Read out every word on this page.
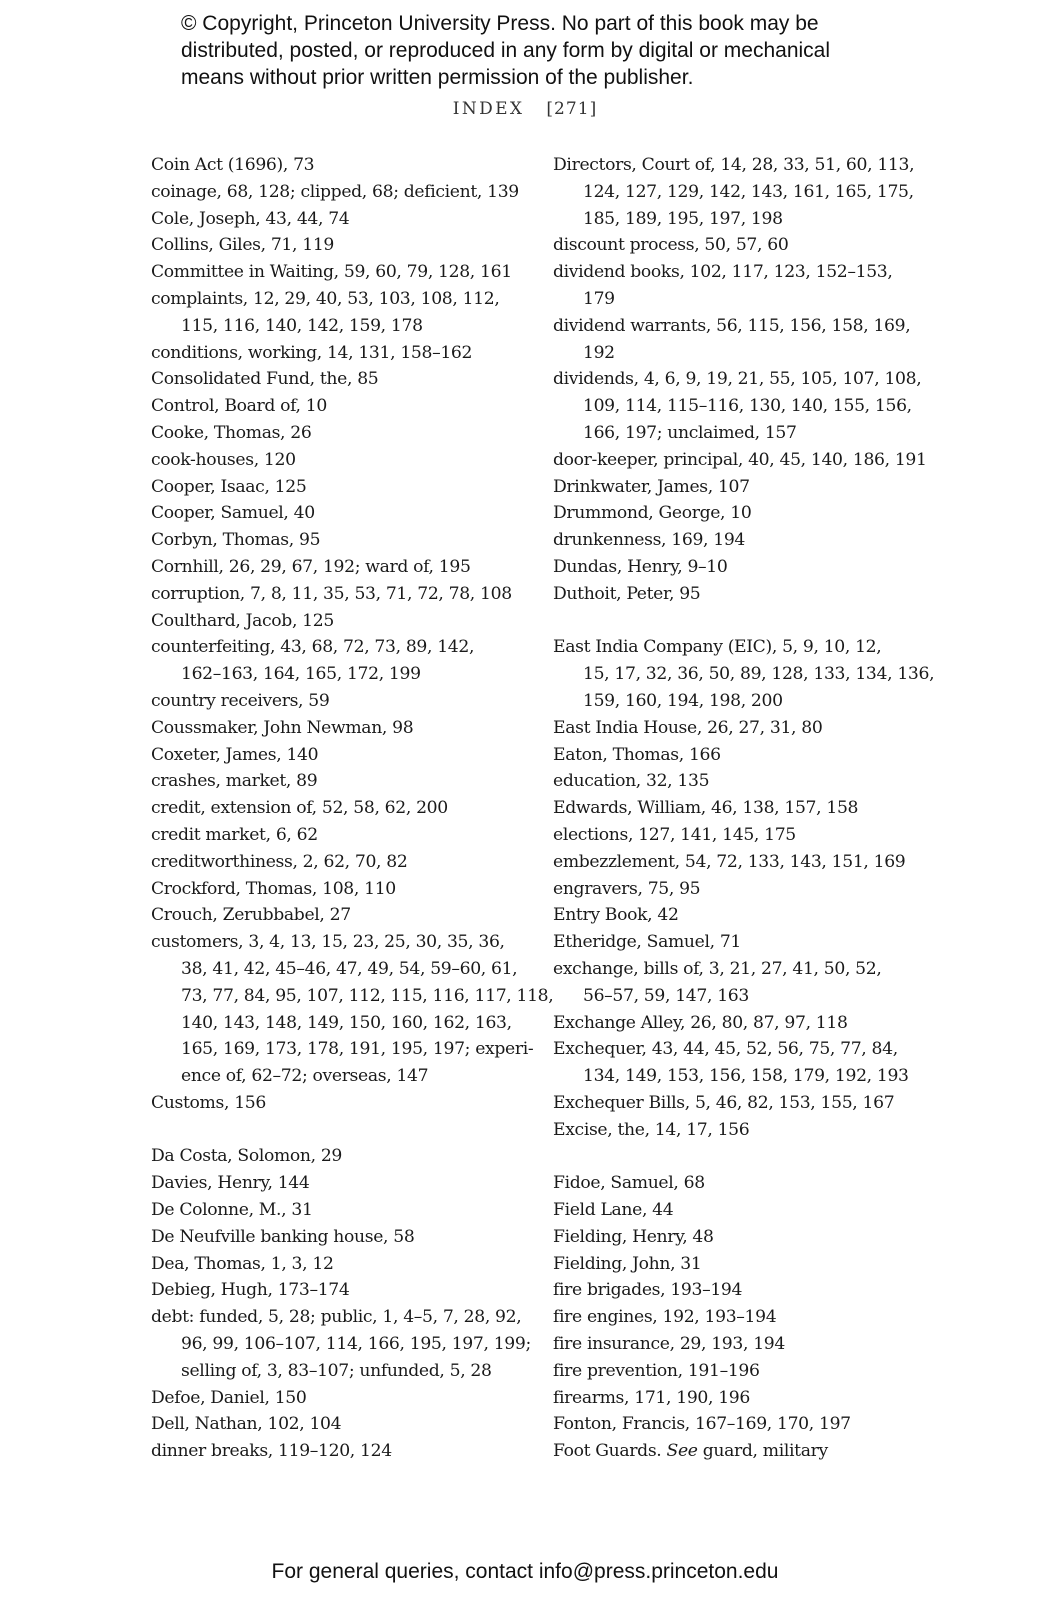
© Copyright, Princeton University Press. No part of this book may be
distributed, posted, or reproduced in any form by digital or mechanical
means without prior written permission of the publisher.
INDEX [271]
Coin Act (1696), 73
coinage, 68, 128; clipped, 68; deficient, 139
Cole, Joseph, 43, 44, 74
Collins, Giles, 71, 119
Committee in Waiting, 59, 60, 79, 128, 161
complaints, 12, 29, 40, 53, 103, 108, 112,
115, 116, 140, 142, 159, 178
conditions, working, 14, 131, 158–162
Consolidated Fund, the, 85
Control, Board of, 10
Cooke, Thomas, 26
cook-houses, 120
Cooper, Isaac, 125
Cooper, Samuel, 40
Corbyn, Thomas, 95
Cornhill, 26, 29, 67, 192; ward of, 195
corruption, 7, 8, 11, 35, 53, 71, 72, 78, 108
Coulthard, Jacob, 125
counterfeiting, 43, 68, 72, 73, 89, 142,
162–163, 164, 165, 172, 199
country receivers, 59
Coussmaker, John Newman, 98
Coxeter, James, 140
crashes, market, 89
credit, extension of, 52, 58, 62, 200
credit market, 6, 62
creditworthiness, 2, 62, 70, 82
Crockford, Thomas, 108, 110
Crouch, Zerubbabel, 27
customers, 3, 4, 13, 15, 23, 25, 30, 35, 36,
38, 41, 42, 45–46, 47, 49, 54, 59–60, 61,
73, 77, 84, 95, 107, 112, 115, 116, 117, 118,
140, 143, 148, 149, 150, 160, 162, 163,
165, 169, 173, 178, 191, 195, 197; experi-
ence of, 62–72; overseas, 147
Customs, 156
Da Costa, Solomon, 29
Davies, Henry, 144
De Colonne, M., 31
De Neufville banking house, 58
Dea, Thomas, 1, 3, 12
Debieg, Hugh, 173–174
debt: funded, 5, 28; public, 1, 4–5, 7, 28, 92,
96, 99, 106–107, 114, 166, 195, 197, 199;
selling of, 3, 83–107; unfunded, 5, 28
Defoe, Daniel, 150
Dell, Nathan, 102, 104
dinner breaks, 119–120, 124
Directors, Court of, 14, 28, 33, 51, 60, 113,
124, 127, 129, 142, 143, 161, 165, 175,
185, 189, 195, 197, 198
discount process, 50, 57, 60
dividend books, 102, 117, 123, 152–153,
179
dividend warrants, 56, 115, 156, 158, 169,
192
dividends, 4, 6, 9, 19, 21, 55, 105, 107, 108,
109, 114, 115–116, 130, 140, 155, 156,
166, 197; unclaimed, 157
door-keeper, principal, 40, 45, 140, 186, 191
Drinkwater, James, 107
Drummond, George, 10
drunkenness, 169, 194
Dundas, Henry, 9–10
Duthoit, Peter, 95
East India Company (EIC), 5, 9, 10, 12,
15, 17, 32, 36, 50, 89, 128, 133, 134, 136,
159, 160, 194, 198, 200
East India House, 26, 27, 31, 80
Eaton, Thomas, 166
education, 32, 135
Edwards, William, 46, 138, 157, 158
elections, 127, 141, 145, 175
embezzlement, 54, 72, 133, 143, 151, 169
engravers, 75, 95
Entry Book, 42
Etheridge, Samuel, 71
exchange, bills of, 3, 21, 27, 41, 50, 52,
56–57, 59, 147, 163
Exchange Alley, 26, 80, 87, 97, 118
Exchequer, 43, 44, 45, 52, 56, 75, 77, 84,
134, 149, 153, 156, 158, 179, 192, 193
Exchequer Bills, 5, 46, 82, 153, 155, 167
Excise, the, 14, 17, 156
Fidoe, Samuel, 68
Field Lane, 44
Fielding, Henry, 48
Fielding, John, 31
fire brigades, 193–194
fire engines, 192, 193–194
fire insurance, 29, 193, 194
fire prevention, 191–196
firearms, 171, 190, 196
Fonton, Francis, 167–169, 170, 197
Foot Guards. See guard, military
For general queries, contact info@press.princeton.edu
